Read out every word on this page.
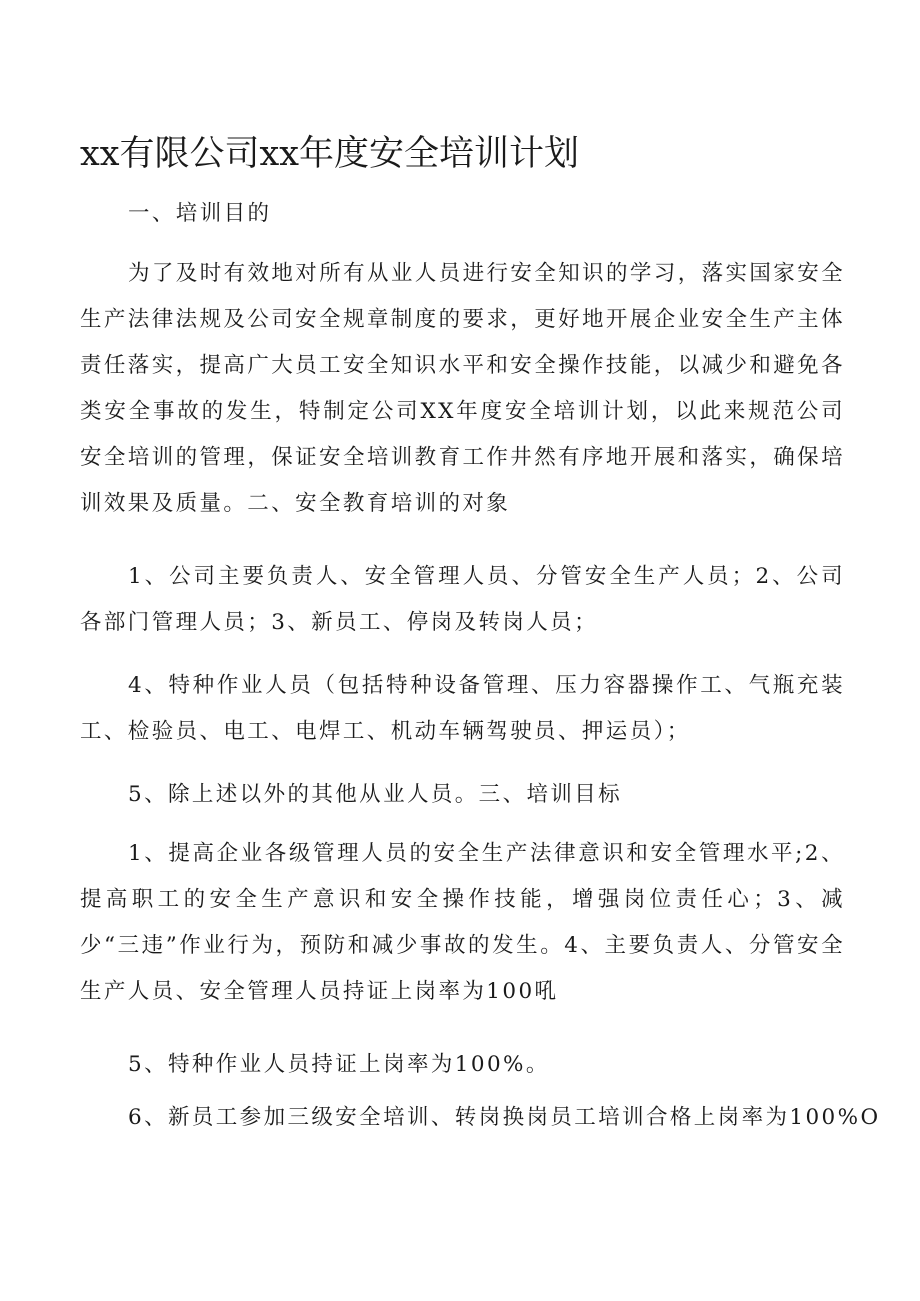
xx有限公司xx年度安全培训计划

一、培训目的

为了及时有效地对所有从业人员进行安全知识的学习，落实国家安全生产法律法规及公司安全规章制度的要求，更好地开展企业安全生产主体责任落实，提高广大员工安全知识水平和安全操作技能，以减少和避免各类安全事故的发生，特制定公司XX年度安全培训计划，以此来规范公司安全培训的管理，保证安全培训教育工作井然有序地开展和落实，确保培训效果及质量。二、安全教育培训的对象

1、公司主要负责人、安全管理人员、分管安全生产人员；2、公司各部门管理人员；3、新员工、停岗及转岗人员；

4、特种作业人员（包括特种设备管理、压力容器操作工、气瓶充装工、检验员、电工、电焊工、机动车辆驾驶员、押运员）；

5、除上述以外的其他从业人员。三、培训目标

1、提高企业各级管理人员的安全生产法律意识和安全管理水平;2、提高职工的安全生产意识和安全操作技能，增强岗位责任心；3、减少“三违”作业行为，预防和减少事故的发生。4、主要负责人、分管安全生产人员、安全管理人员持证上岗率为100吼

5、特种作业人员持证上岗率为100%。

6、新员工参加三级安全培训、转岗换岗员工培训合格上岗率为100%O
